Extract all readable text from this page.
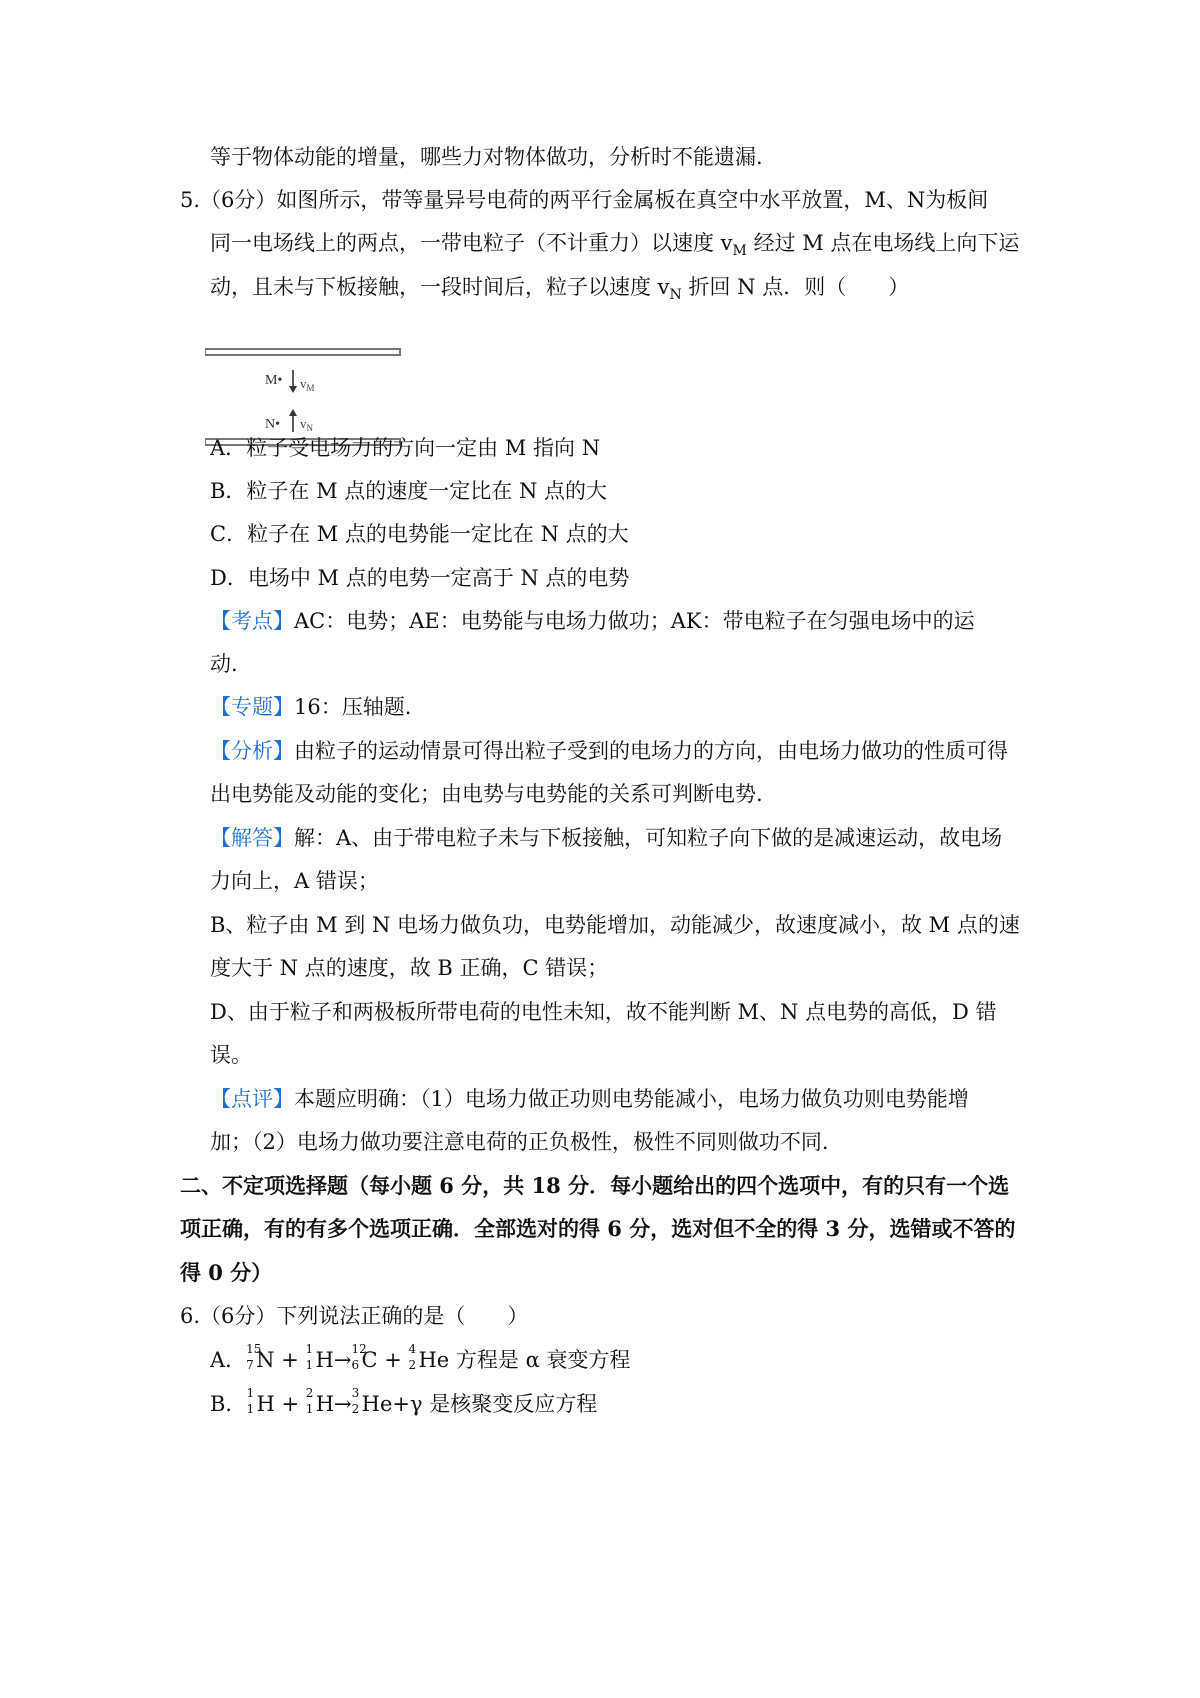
等于物体动能的增量，哪些力对物体做功，分析时不能遗漏.
5.（6分）如图所示，带等量异号电荷的两平行金属板在真空中水平放置，M、N为板间
同一电场线上的两点，一带电粒子（不计重力）以速度 $v_M$ 经过 M 点在电场线上向下运
动，且未与下板接触，一段时间后，粒子以速度 $v_N$ 折回 N 点．则（　　）
M• $v_M$
N• $v_N$
A．粒子受电场力的方向一定由 M 指向 N
B．粒子在 M 点的速度一定比在 N 点的大
C．粒子在 M 点的电势能一定比在 N 点的大
D．电场中 M 点的电势一定高于 N 点的电势
【考点】AC：电势；AE：电势能与电场力做功；AK：带电粒子在匀强电场中的运
动.
【专题】16：压轴题.
【分析】由粒子的运动情景可得出粒子受到的电场力的方向，由电场力做功的性质可得
出电势能及动能的变化；由电势与电势能的关系可判断电势.
【解答】解：A、由于带电粒子未与下板接触，可知粒子向下做的是减速运动，故电场
力向上，A 错误；
B、粒子由 M 到 N 电场力做负功，电势能增加，动能减少，故速度减小，故 M 点的速
度大于 N 点的速度，故 B 正确，C 错误；
D、由于粒子和两极板所带电荷的电性未知，故不能判断 M、N 点电势的高低，D 错
误。
【点评】本题应明确：（1）电场力做正功则电势能减小，电场力做负功则电势能增
加；（2）电场力做功要注意电荷的正负极性，极性不同则做功不同.
二、不定项选择题（每小题 6 分，共 18 分．每小题给出的四个选项中，有的只有一个选
项正确，有的有多个选项正确．全部选对的得 6 分，选对但不全的得 3 分，选错或不答的
得 0 分）
6.（6分）下列说法正确的是（　　）
A． 15
7 N + 1
1 H→ 12
6 C + 4
2 He 方程是 α 衰变方程
B． 1
1 H + 2
1 H→ 3
2 He+γ 是核聚变反应方程
